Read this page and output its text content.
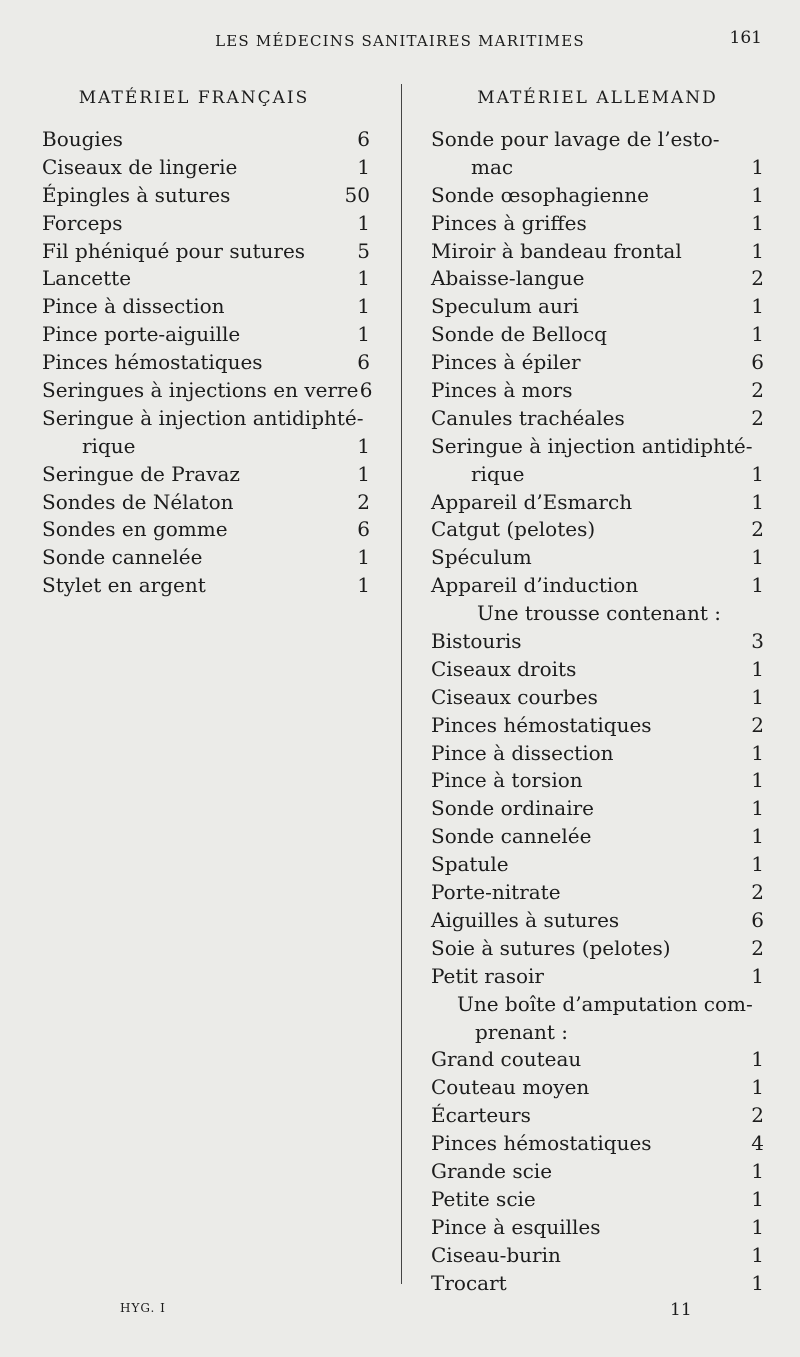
LES MÉDECINS SANITAIRES MARITIMES	161
MATÉRIEL FRANÇAIS
Bougies	6
Ciseaux de lingerie	1
Épingles à sutures	50
Forceps	1
Fil phéniqué pour sutures	5
Lancette	1
Pince à dissection	1
Pince porte-aiguille	1
Pinces hémostatiques	6
Seringues à injections en verre 6
Seringue à injection antidiphté-
rique	1
Seringue de Pravaz	1
Sondes de Nélaton	2
Sondes en gomme	6
Sonde cannelée	1
Stylet en argent	1
MATÉRIEL ALLEMAND
Sonde pour lavage de l’esto-
mac	1
Sonde œsophagienne	1
Pinces à griffes	1
Miroir à bandeau frontal	1
Abaisse-langue	2
Speculum auri	1
Sonde de Bellocq	1
Pinces à épiler	6
Pinces à mors	2
Canules trachéales	2
Seringue à injection antidiphté-
rique	1
Appareil d’Esmarch	1
Catgut (pelotes)	2
Spéculum	1
Appareil d’induction	1
Une trousse contenant :
Bistouris	3
Ciseaux droits	1
Ciseaux courbes	1
Pinces hémostatiques	2
Pince à dissection	1
Pince à torsion	1
Sonde ordinaire	1
Sonde cannelée	1
Spatule	1
Porte-nitrate	2
Aiguilles à sutures	6
Soie à sutures (pelotes)	2
Petit rasoir	1
Une boîte d’amputation com-
prenant :
Grand couteau	1
Couteau moyen	1
Écarteurs	2
Pinces hémostatiques	4
Grande scie	1
Petite scie	1
Pince à esquilles	1
Ciseau-burin	1
Trocart	1
HYG. I	11
